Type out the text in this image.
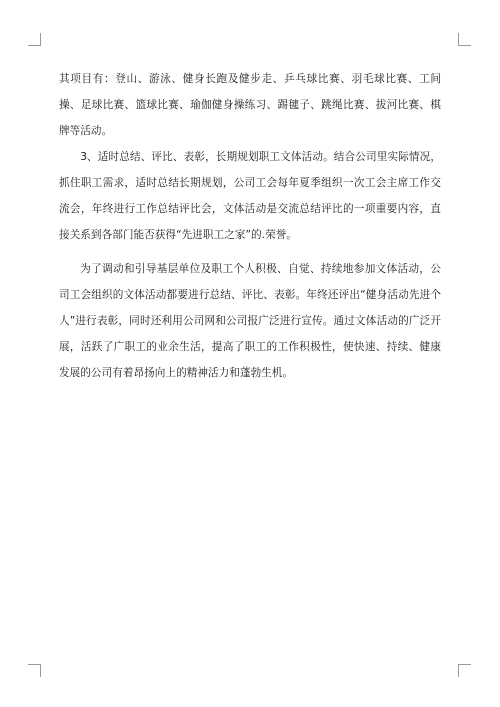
其项目有：登山、游泳、健身长跑及健步走、乒乓球比赛、羽毛球比赛、工间操、足球比赛、篮球比赛、瑜伽健身操练习、踢毽子、跳绳比赛、拔河比赛、棋牌等活动。

3、适时总结、评比、表彰，长期规划职工文体活动。结合公司里实际情况，抓住职工需求，适时总结长期规划，公司工会每年夏季组织一次工会主席工作交流会，年终进行工作总结评比会，文体活动是交流总结评比的一项重要内容，直接关系到各部门能否获得“先进职工之家”的.荣誉。

为了调动和引导基层单位及职工个人积极、自觉、持续地参加文体活动，公司工会组织的文体活动都要进行总结、评比、表彰。年终还评出“健身活动先进个人”进行表彰，同时还利用公司网和公司报广泛进行宣传。通过文体活动的广泛开展，活跃了广职工的业余生活，提高了职工的工作积极性，使快速、持续、健康发展的公司有着昂扬向上的精神活力和蓬勃生机。
